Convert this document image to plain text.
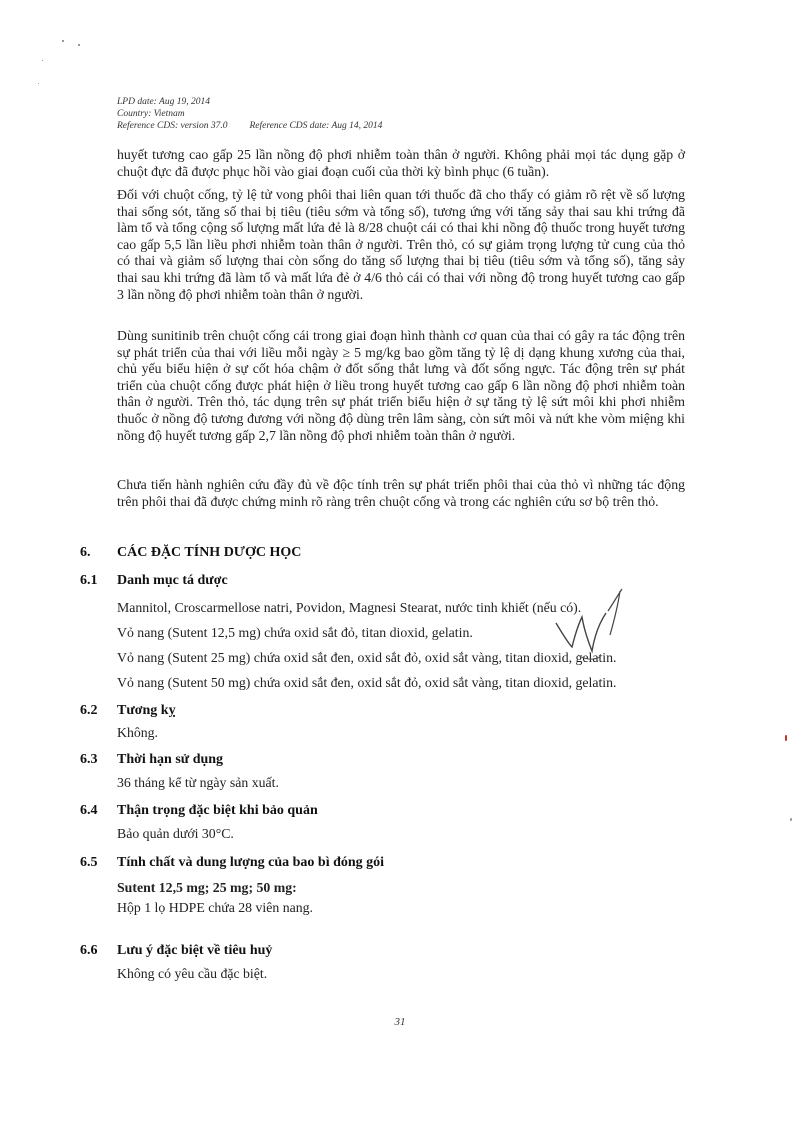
LPD date: Aug 19, 2014
Country: Vietnam
Reference CDS: version 37.0 Reference CDS date: Aug 14, 2014
huyết tương cao gấp 25 lần nồng độ phơi nhiễm toàn thân ở người. Không phải mọi tác dụng gặp ở chuột đực đã được phục hồi vào giai đoạn cuối của thời kỳ bình phục (6 tuần).
Đối với chuột cống, tỷ lệ tử vong phôi thai liên quan tới thuốc đã cho thấy có giảm rõ rệt về số lượng thai sống sót, tăng số thai bị tiêu (tiêu sớm và tổng số), tương ứng với tăng sảy thai sau khi trứng đã làm tổ và tổng cộng số lượng mất lứa đẻ là 8/28 chuột cái có thai khi nồng độ thuốc trong huyết tương cao gấp 5,5 lần liều phơi nhiễm toàn thân ở người. Trên thỏ, có sự giảm trọng lượng tử cung của thỏ có thai và giảm số lượng thai còn sống do tăng số lượng thai bị tiêu (tiêu sớm và tổng số), tăng sảy thai sau khi trứng đã làm tổ và mất lứa đẻ ở 4/6 thỏ cái có thai với nồng độ trong huyết tương cao gấp 3 lần nồng độ phơi nhiễm toàn thân ở người.
Dùng sunitinib trên chuột cống cái trong giai đoạn hình thành cơ quan của thai có gây ra tác động trên sự phát triển của thai với liều mỗi ngày ≥ 5 mg/kg bao gồm tăng tỷ lệ dị dạng khung xương của thai, chủ yếu biểu hiện ở sự cốt hóa chậm ở đốt sống thắt lưng và đốt sống ngực. Tác động trên sự phát triển của chuột cống được phát hiện ở liều trong huyết tương cao gấp 6 lần nồng độ phơi nhiễm toàn thân ở người. Trên thỏ, tác dụng trên sự phát triển biểu hiện ở sự tăng tỷ lệ sứt môi khi phơi nhiễm thuốc ở nồng độ tương đương với nồng độ dùng trên lâm sàng, còn sứt môi và nứt khe vòm miệng khi nồng độ huyết tương gấp 2,7 lần nồng độ phơi nhiễm toàn thân ở người.
Chưa tiến hành nghiên cứu đầy đủ về độc tính trên sự phát triển phôi thai của thỏ vì những tác động trên phôi thai đã được chứng minh rõ ràng trên chuột cống và trong các nghiên cứu sơ bộ trên thỏ.
6. CÁC ĐẶC TÍNH DƯỢC HỌC
6.1 Danh mục tá dược
Mannitol, Croscarmellose natri, Povidon, Magnesi Stearat, nước tinh khiết (nếu có).
Vỏ nang (Sutent 12,5 mg) chứa oxid sắt đỏ, titan dioxid, gelatin.
Vỏ nang (Sutent 25 mg) chứa oxid sắt đen, oxid sắt đỏ, oxid sắt vàng, titan dioxid, gelatin.
Vỏ nang (Sutent 50 mg) chứa oxid sắt đen, oxid sắt đỏ, oxid sắt vàng, titan dioxid, gelatin.
6.2 Tương kỵ
Không.
6.3 Thời hạn sử dụng
36 tháng kể từ ngày sản xuất.
6.4 Thận trọng đặc biệt khi bảo quản
Bảo quản dưới 30°C.
6.5 Tính chất và dung lượng của bao bì đóng gói
Sutent 12,5 mg; 25 mg; 50 mg:
Hộp 1 lọ HDPE chứa 28 viên nang.
6.6 Lưu ý đặc biệt về tiêu huỷ
Không có yêu cầu đặc biệt.
31
